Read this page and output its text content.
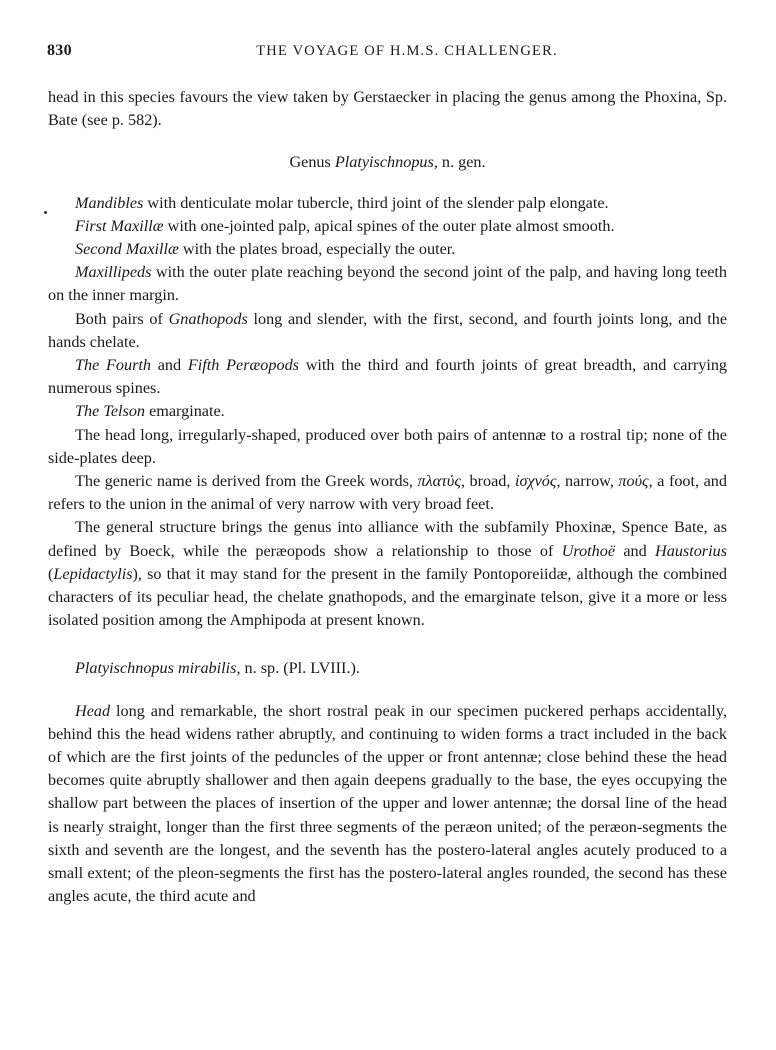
830	THE VOYAGE OF H.M.S. CHALLENGER.

head in this species favours the view taken by Gerstaecker in placing the genus among the Phoxina, Sp. Bate (see p. 582).

Genus Platyischnopus, n. gen.

Mandibles with denticulate molar tubercle, third joint of the slender palp elongate.

First Maxillæ with one-jointed palp, apical spines of the outer plate almost smooth.

Second Maxillæ with the plates broad, especially the outer.

Maxillipeds with the outer plate reaching beyond the second joint of the palp, and having long teeth on the inner margin.

Both pairs of Gnathopods long and slender, with the first, second, and fourth joints long, and the hands chelate.

The Fourth and Fifth Peræopods with the third and fourth joints of great breadth, and carrying numerous spines.

The Telson emarginate.

The head long, irregularly-shaped, produced over both pairs of antennæ to a rostral tip; none of the side-plates deep.

The generic name is derived from the Greek words, πλατύς, broad, ἰσχνός, narrow, πούς, a foot, and refers to the union in the animal of very narrow with very broad feet.

The general structure brings the genus into alliance with the subfamily Phoxinæ, Spence Bate, as defined by Boeck, while the peræopods show a relationship to those of Urothoë and Haustorius (Lepidactylis), so that it may stand for the present in the family Pontoporeiidæ, although the combined characters of its peculiar head, the chelate gnathopods, and the emarginate telson, give it a more or less isolated position among the Amphipoda at present known.

Platyischnopus mirabilis, n. sp. (Pl. LVIII.).

Head long and remarkable, the short rostral peak in our specimen puckered perhaps accidentally, behind this the head widens rather abruptly, and continuing to widen forms a tract included in the back of which are the first joints of the peduncles of the upper or front antennæ; close behind these the head becomes quite abruptly shallower and then again deepens gradually to the base, the eyes occupying the shallow part between the places of insertion of the upper and lower antennæ; the dorsal line of the head is nearly straight, longer than the first three segments of the peræon united; of the peræon-segments the sixth and seventh are the longest, and the seventh has the postero-lateral angles acutely produced to a small extent; of the pleon-segments the first has the postero-lateral angles rounded, the second has these angles acute, the third acute and
